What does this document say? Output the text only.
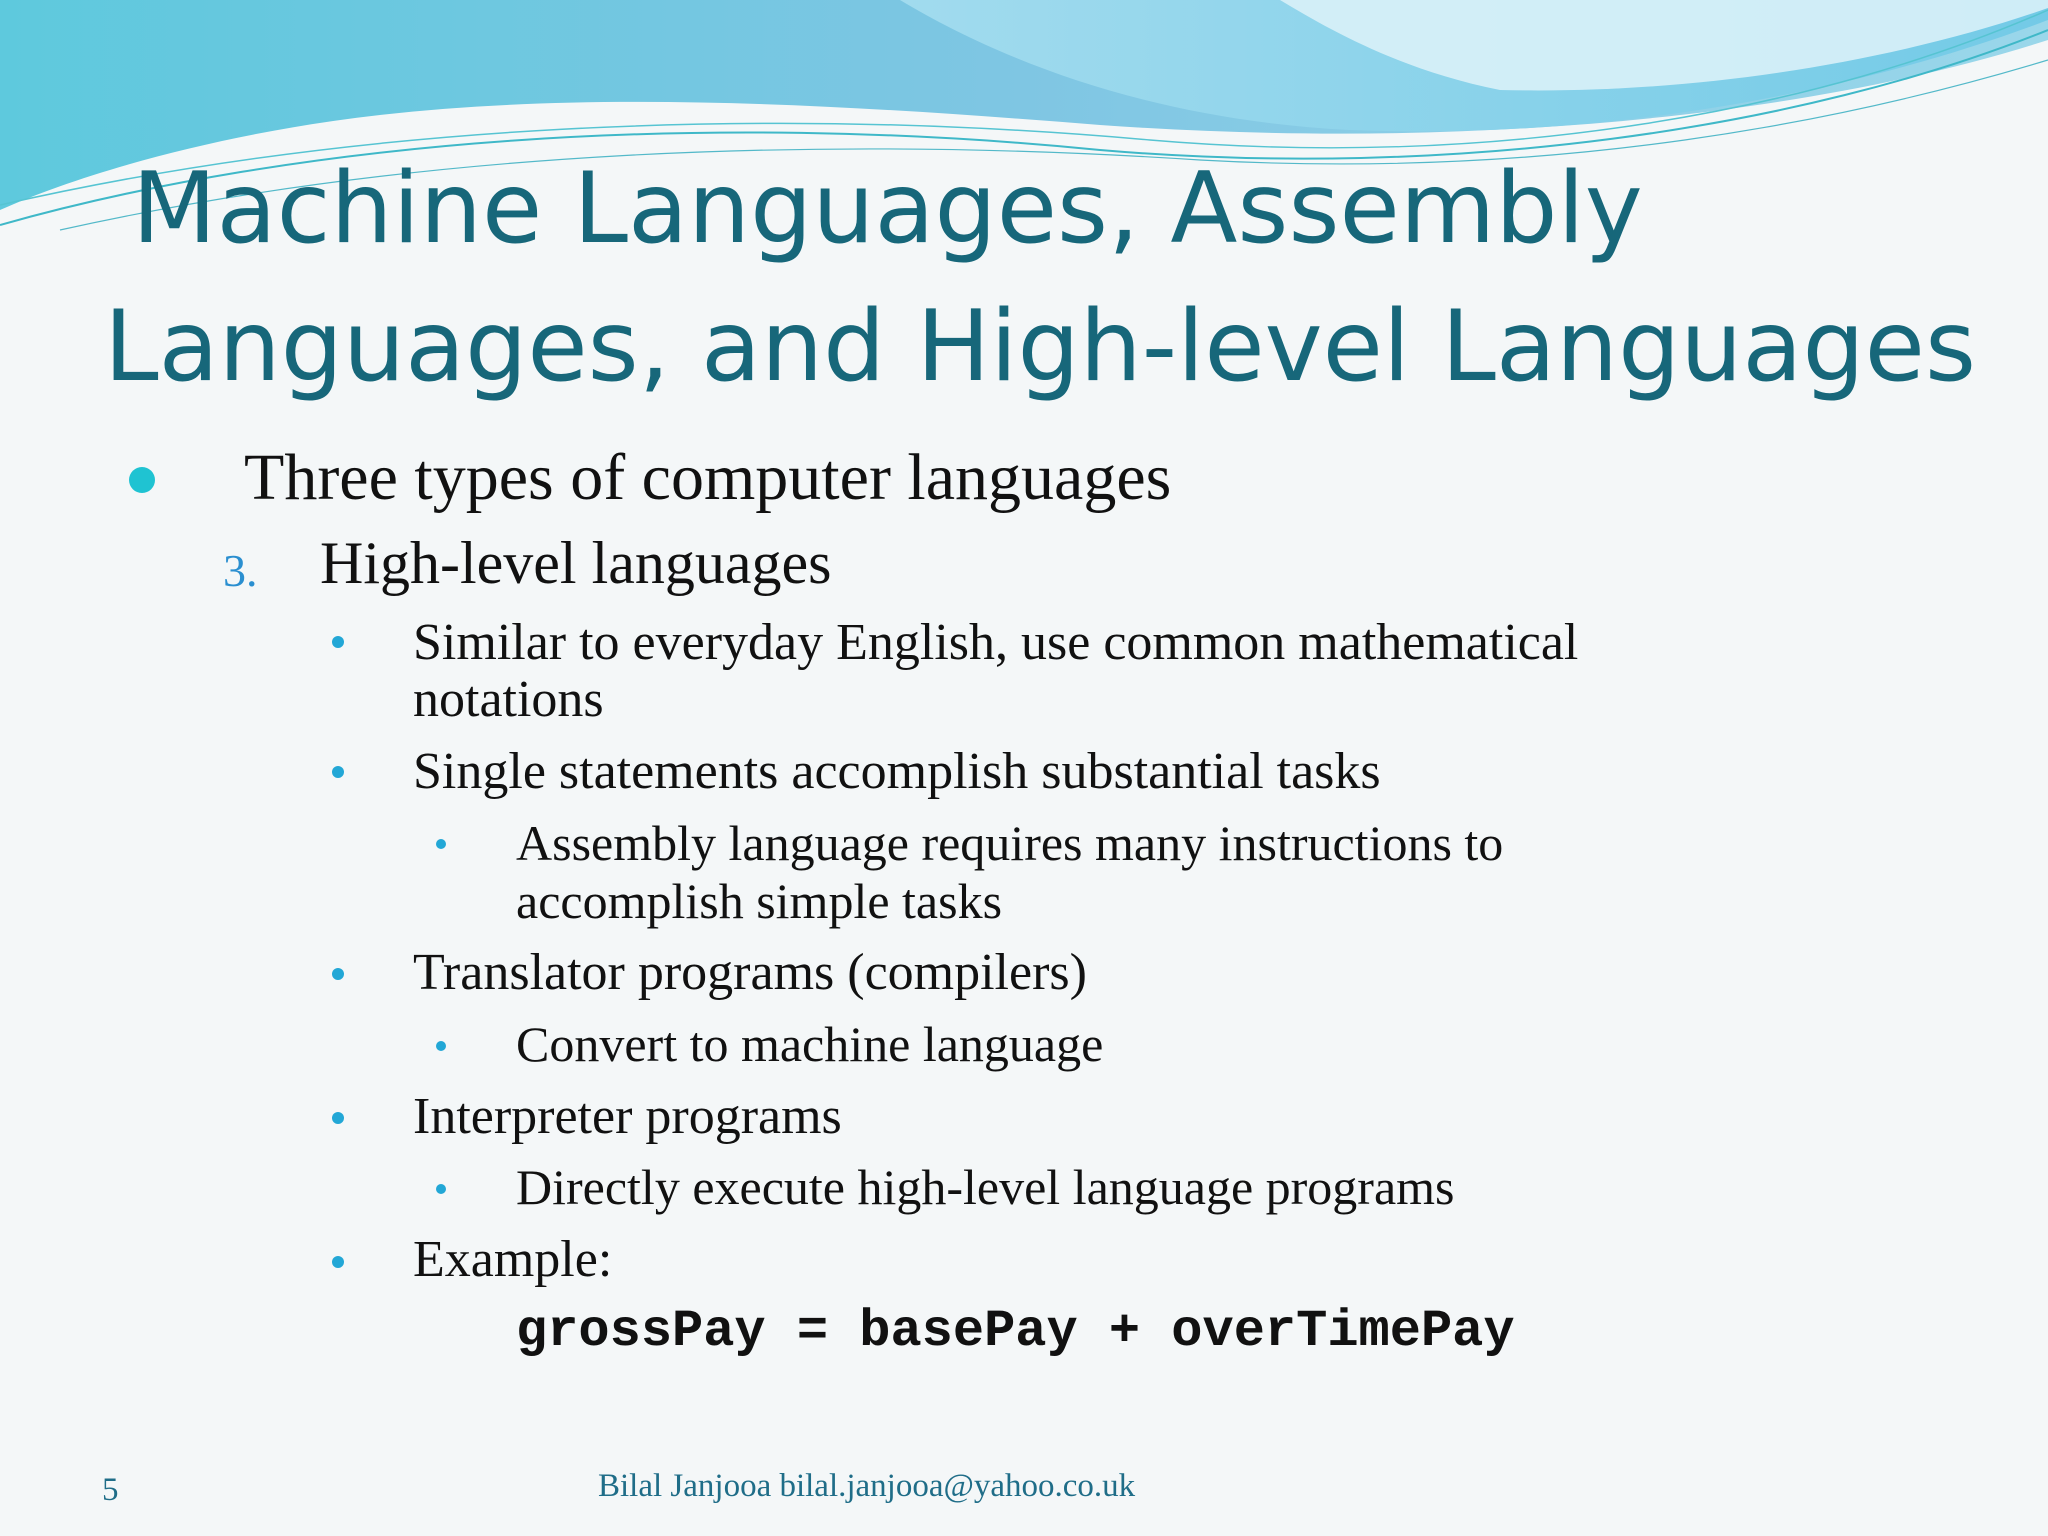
Machine Languages, Assembly
Languages, and High-level Languages
Three types of computer languages
3. High-level languages
Similar to everyday English, use common mathematical
notations
Single statements accomplish substantial tasks
Assembly language requires many instructions to
accomplish simple tasks
Translator programs (compilers)
Convert to machine language
Interpreter programs
Directly execute high-level language programs
Example:
grossPay = basePay + overTimePay
5	Bilal Janjooa bilal.janjooa@yahoo.co.uk
